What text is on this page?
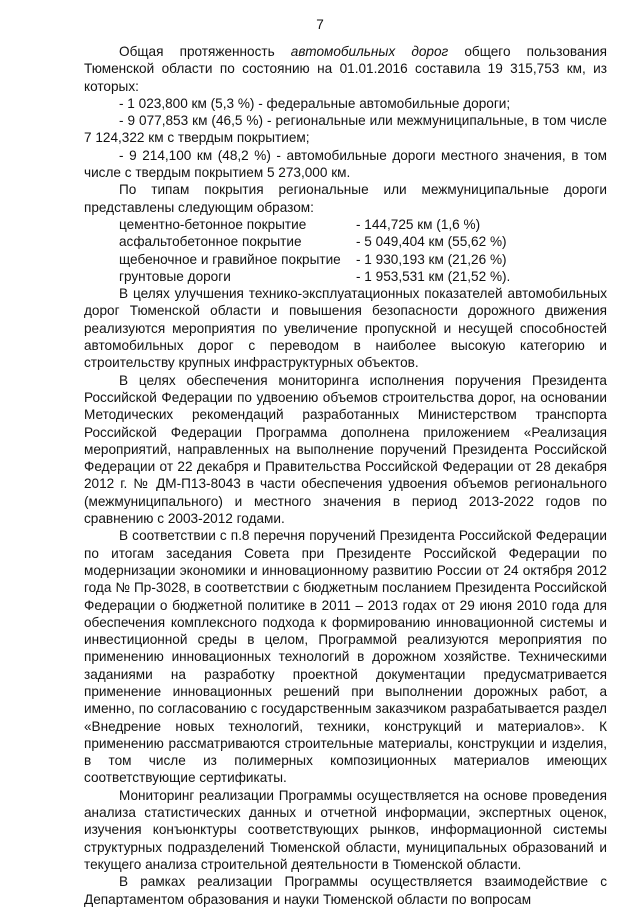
7

Общая протяженность автомобильных дорог общего пользования Тюменской области по состоянию на 01.01.2016 составила 19 315,753 км, из которых:

- 1 023,800 км (5,3 %) - федеральные автомобильные дороги;

- 9 077,853 км (46,5 %) - региональные или межмуниципальные, в том числе 7 124,322 км с твердым покрытием;

- 9 214,100 км (48,2 %) - автомобильные дороги местного значения, в том числе с твердым покрытием 5 273,000 км.

По типам покрытия региональные или межмуниципальные дороги представлены следующим образом:

цементно-бетонное покрытие	- 144,725 км (1,6 %)
асфальтобетонное покрытие	- 5 049,404 км (55,62 %)
щебеночное и гравийное покрытие	- 1 930,193 км (21,26 %)
грунтовые дороги	- 1 953,531 км (21,52 %).

В целях улучшения технико-эксплуатационных показателей автомобильных дорог Тюменской области и повышения безопасности дорожного движения реализуются мероприятия по увеличение пропускной и несущей способностей автомобильных дорог с переводом в наиболее высокую категорию и строительству крупных инфраструктурных объектов.

В целях обеспечения мониторинга исполнения поручения Президента Российской Федерации по удвоению объемов строительства дорог, на основании Методических рекомендаций разработанных Министерством транспорта Российской Федерации Программа дополнена приложением «Реализация мероприятий, направленных на выполнение поручений Президента Российской Федерации от 22 декабря и Правительства Российской Федерации от 28 декабря 2012 г. № ДМ-П13-8043 в части обеспечения удвоения объемов регионального (межмуниципального) и местного значения в период 2013-2022 годов по сравнению с 2003-2012 годами.

В соответствии с п.8 перечня поручений Президента Российской Федерации по итогам заседания Совета при Президенте Российской Федерации по модернизации экономики и инновационному развитию России от 24 октября 2012 года № Пр-3028, в соответствии с бюджетным посланием Президента Российской Федерации о бюджетной политике в 2011 – 2013 годах от 29 июня 2010 года для обеспечения комплексного подхода к формированию инновационной системы и инвестиционной среды в целом, Программой реализуются мероприятия по применению инновационных технологий в дорожном хозяйстве. Техническими заданиями на разработку проектной документации предусматривается применение инновационных решений при выполнении дорожных работ, а именно, по согласованию с государственным заказчиком разрабатывается раздел «Внедрение новых технологий, техники, конструкций и материалов». К применению рассматриваются строительные материалы, конструкции и изделия, в том числе из полимерных композиционных материалов имеющих соответствующие сертификаты.

Мониторинг реализации Программы осуществляется на основе проведения анализа статистических данных и отчетной информации, экспертных оценок, изучения конъюнктуры соответствующих рынков, информационной системы структурных подразделений Тюменской области, муниципальных образований и текущего анализа строительной деятельности в Тюменской области.

В рамках реализации Программы осуществляется взаимодействие с Департаментом образования и науки Тюменской области по вопросам
